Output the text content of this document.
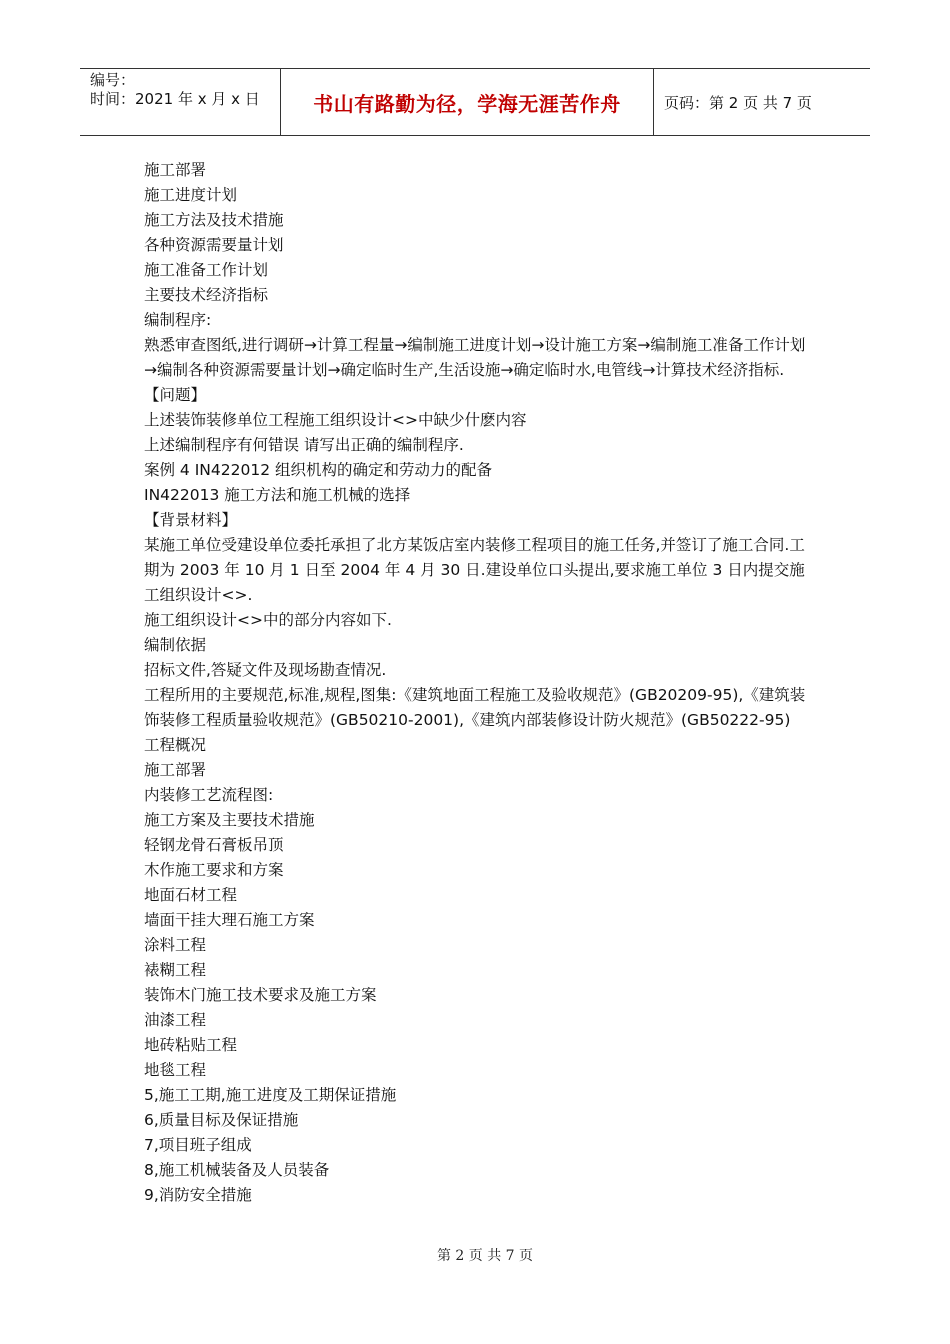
编号：
时间：2021 年 x 月 x 日	书山有路勤为径，学海无涯苦作舟	页码：第 2 页 共 7 页

施工部署

施工进度计划

施工方法及技术措施

各种资源需要量计划

施工准备工作计划

主要技术经济指标

编制程序:

熟悉审查图纸,进行调研→计算工程量→编制施工进度计划→设计施工方案→编制施工准备工作计划→编制各种资源需要量计划→确定临时生产,生活设施→确定临时水,电管线→计算技术经济指标.

【问题】

上述装饰装修单位工程施工组织设计<>中缺少什麽内容

上述编制程序有何错误 请写出正确的编制程序.

案例 4 IN422012 组织机构的确定和劳动力的配备

IN422013 施工方法和施工机械的选择

【背景材料】

某施工单位受建设单位委托承担了北方某饭店室内装修工程项目的施工任务,并签订了施工合同.工期为 2003 年 10 月 1 日至 2004 年 4 月 30 日.建设单位口头提出,要求施工单位 3 日内提交施工组织设计<>.

施工组织设计<>中的部分内容如下.

编制依据

招标文件,答疑文件及现场勘查情况.

工程所用的主要规范,标准,规程,图集:《建筑地面工程施工及验收规范》(GB20209-95),《建筑装饰装修工程质量验收规范》(GB50210-2001),《建筑内部装修设计防火规范》(GB50222-95)

工程概况

施工部署

内装修工艺流程图:

施工方案及主要技术措施

轻钢龙骨石膏板吊顶

木作施工要求和方案

地面石材工程

墙面干挂大理石施工方案

涂料工程

裱糊工程

装饰木门施工技术要求及施工方案

油漆工程

地砖粘贴工程

地毯工程

5,施工工期,施工进度及工期保证措施

6,质量目标及保证措施

7,项目班子组成

8,施工机械装备及人员装备

9,消防安全措施

第 2 页 共 7 页
